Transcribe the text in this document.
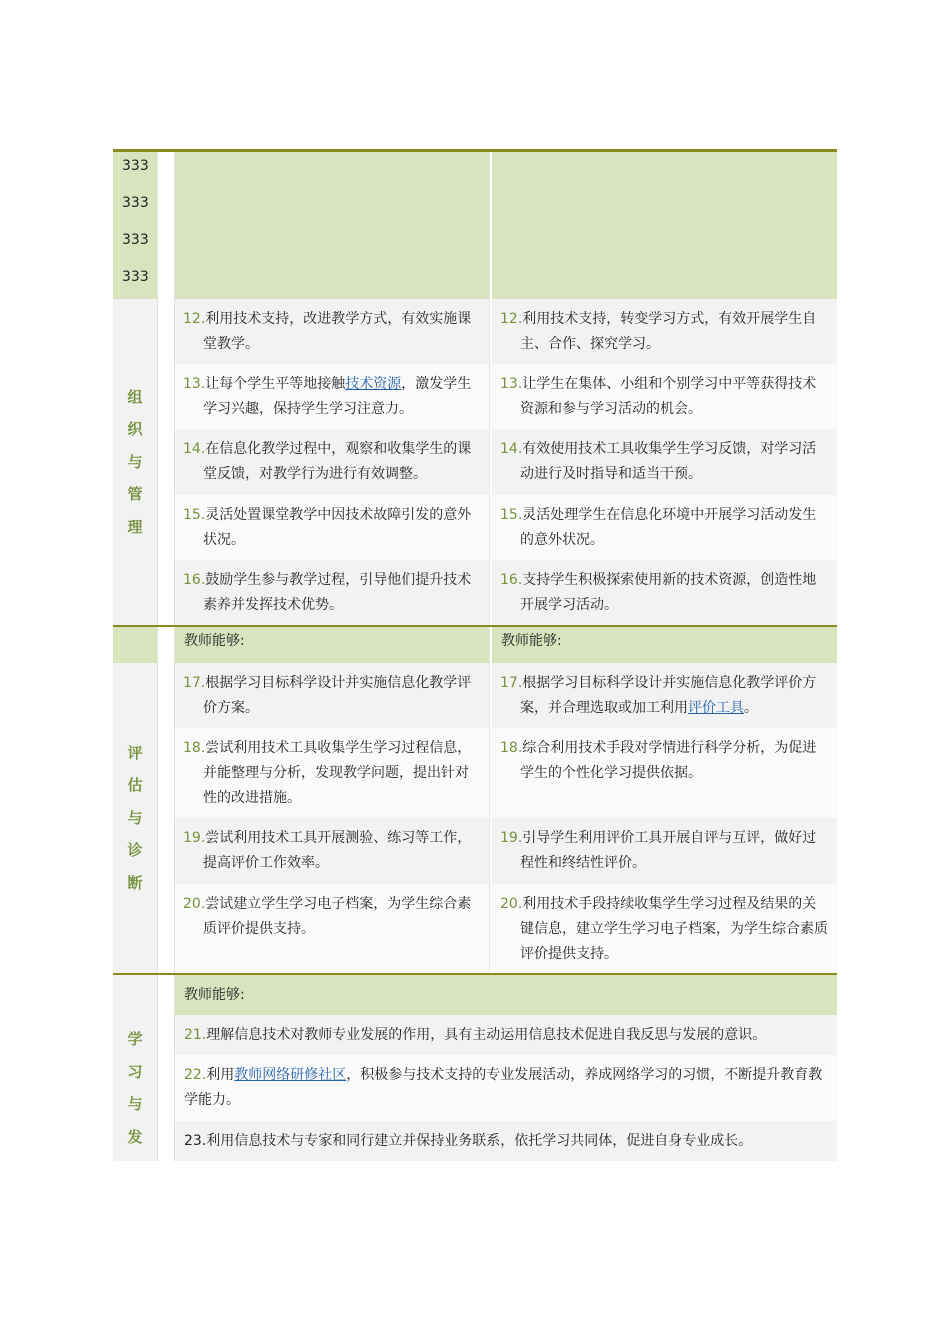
333
333
333
333
组
织
与
管
理
12.利用技术支持，改进教学方式，有效实施课堂教学。
13.让每个学生平等地接触技术资源，激发学生学习兴趣，保持学生学习注意力。
14.在信息化教学过程中，观察和收集学生的课堂反馈，对教学行为进行有效调整。
15.灵活处置课堂教学中因技术故障引发的意外状况。
16.鼓励学生参与教学过程，引导他们提升技术素养并发挥技术优势。
12.利用技术支持，转变学习方式，有效开展学生自主、合作、探究学习。
13.让学生在集体、小组和个别学习中平等获得技术资源和参与学习活动的机会。
14.有效使用技术工具收集学生学习反馈，对学习活动进行及时指导和适当干预。
15.灵活处理学生在信息化环境中开展学习活动发生的意外状况。
16.支持学生积极探索使用新的技术资源，创造性地开展学习活动。
教师能够:	教师能够:
评
估
与
诊
断
17.根据学习目标科学设计并实施信息化教学评价方案。
18.尝试利用技术工具收集学生学习过程信息，并能整理与分析，发现教学问题，提出针对性的改进措施。
19.尝试利用技术工具开展测验、练习等工作，提高评价工作效率。
20.尝试建立学生学习电子档案，为学生综合素质评价提供支持。
17.根据学习目标科学设计并实施信息化教学评价方案，并合理选取或加工利用评价工具。
18.综合利用技术手段对学情进行科学分析，为促进学生的个性化学习提供依据。
19.引导学生利用评价工具开展自评与互评，做好过程性和终结性评价。
20.利用技术手段持续收集学生学习过程及结果的关键信息，建立学生学习电子档案，为学生综合素质评价提供支持。
教师能够:
学
习
与
发
21.理解信息技术对教师专业发展的作用，具有主动运用信息技术促进自我反思与发展的意识。
22.利用教师网络研修社区，积极参与技术支持的专业发展活动，养成网络学习的习惯，不断提升教育教学能力。
23.利用信息技术与专家和同行建立并保持业务联系，依托学习共同体，促进自身专业成长。
